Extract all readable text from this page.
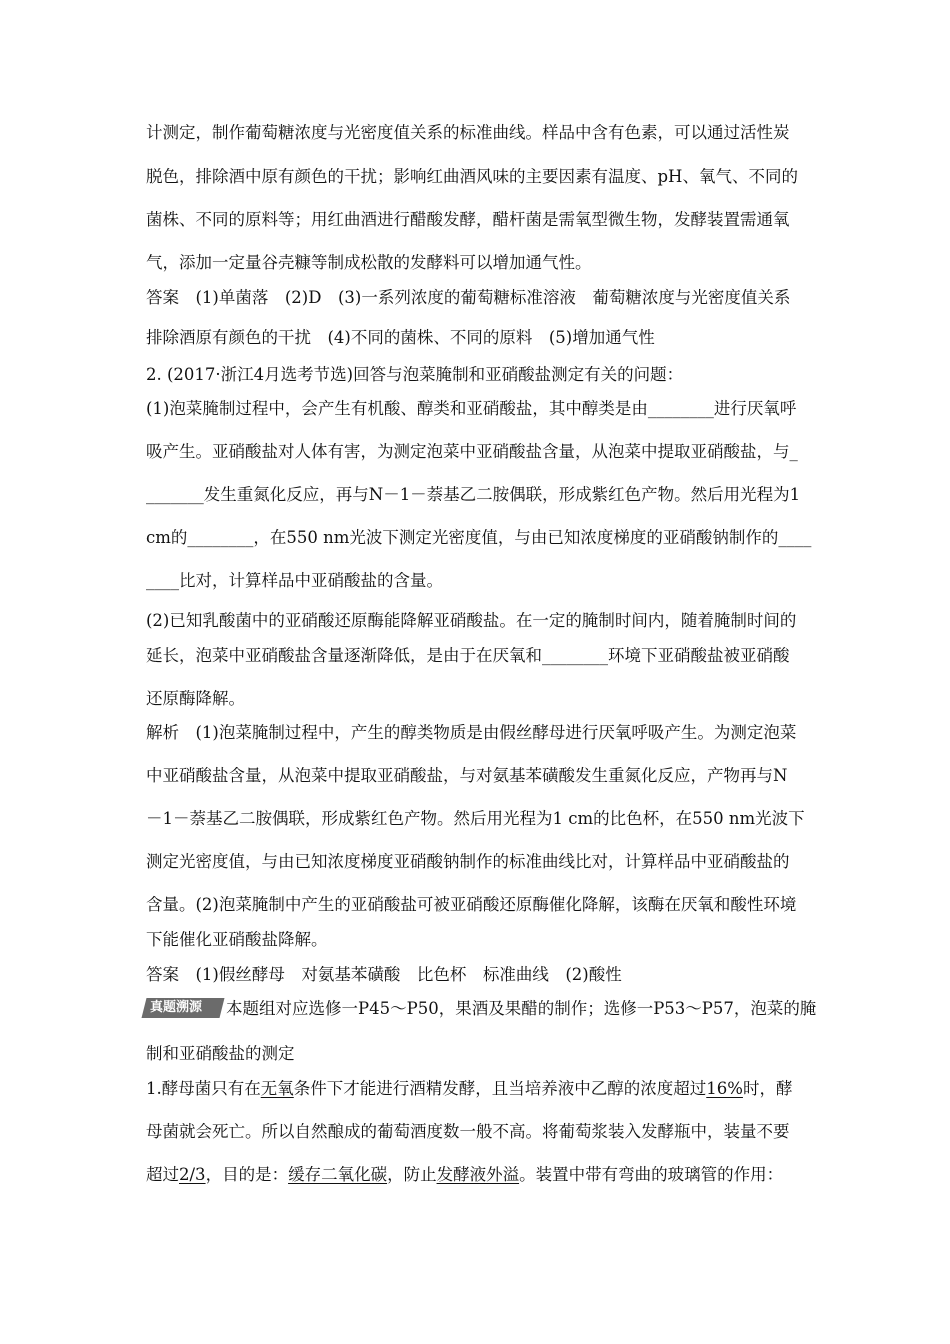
计测定，制作葡萄糖浓度与光密度值关系的标准曲线。样品中含有色素，可以通过活性炭
脱色，排除酒中原有颜色的干扰；影响红曲酒风味的主要因素有温度、pH、氧气、不同的
菌株、不同的原料等；用红曲酒进行醋酸发酵，醋杆菌是需氧型微生物，发酵装置需通氧
气，添加一定量谷壳糠等制成松散的发酵料可以增加通气性。
答案　(1)单菌落　(2)D　(3)一系列浓度的葡萄糖标准溶液　葡萄糖浓度与光密度值关系
排除酒原有颜色的干扰　(4)不同的菌株、不同的原料　(5)增加通气性
2. (2017·浙江4月选考节选)回答与泡菜腌制和亚硝酸盐测定有关的问题：
(1)泡菜腌制过程中，会产生有机酸、醇类和亚硝酸盐，其中醇类是由________进行厌氧呼
吸产生。亚硝酸盐对人体有害，为测定泡菜中亚硝酸盐含量，从泡菜中提取亚硝酸盐，与_
_______发生重氮化反应，再与N－1－萘基乙二胺偶联，形成紫红色产物。然后用光程为1
cm的________，在550 nm光波下测定光密度值，与由已知浓度梯度的亚硝酸钠制作的____
____比对，计算样品中亚硝酸盐的含量。
(2)已知乳酸菌中的亚硝酸还原酶能降解亚硝酸盐。在一定的腌制时间内，随着腌制时间的
延长，泡菜中亚硝酸盐含量逐渐降低，是由于在厌氧和________环境下亚硝酸盐被亚硝酸
还原酶降解。
解析　(1)泡菜腌制过程中，产生的醇类物质是由假丝酵母进行厌氧呼吸产生。为测定泡菜
中亚硝酸盐含量，从泡菜中提取亚硝酸盐，与对氨基苯磺酸发生重氮化反应，产物再与N
－1－萘基乙二胺偶联，形成紫红色产物。然后用光程为1 cm的比色杯，在550 nm光波下
测定光密度值，与由已知浓度梯度亚硝酸钠制作的标准曲线比对，计算样品中亚硝酸盐的
含量。(2)泡菜腌制中产生的亚硝酸盐可被亚硝酸还原酶催化降解，该酶在厌氧和酸性环境
下能催化亚硝酸盐降解。
答案　(1)假丝酵母　对氨基苯磺酸　比色杯　标准曲线　(2)酸性
真题溯源 本题组对应选修一P45～P50，果酒及果醋的制作；选修一P53～P57，泡菜的腌
制和亚硝酸盐的测定
1.酵母菌只有在无氧条件下才能进行酒精发酵，且当培养液中乙醇的浓度超过16%时，酵
母菌就会死亡。所以自然酿成的葡萄酒度数一般不高。将葡萄浆装入发酵瓶中，装量不要
超过2/3，目的是：缓存二氧化碳，防止发酵液外溢。装置中带有弯曲的玻璃管的作用：
